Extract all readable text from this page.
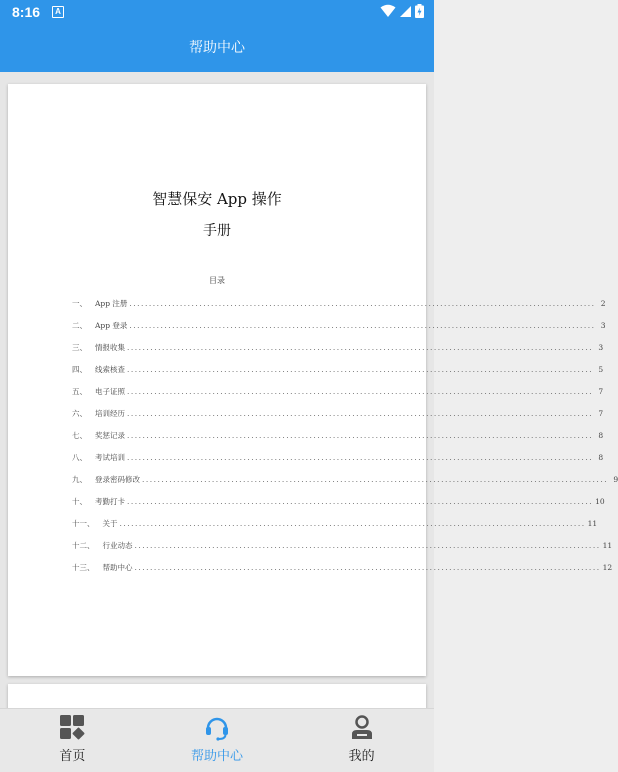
8:16	A
帮助中心
智慧保安 App 操作
手册
目录
一、 App 注册 ........................................................................................................................ 2
二、 App 登录 ........................................................................................................................ 3
三、 情报收集 ........................................................................................................................ 3
四、 线索核查 ........................................................................................................................ 5
五、 电子证照 ........................................................................................................................ 7
六、 培训经历 ........................................................................................................................ 7
七、 奖惩记录 ........................................................................................................................ 8
八、 考试培训 ........................................................................................................................ 8
九、 登录密码修改 ........................................................................................................................ 9
十、 考勤打卡 ........................................................................................................................ 10
十一、 关于 ........................................................................................................................ 11
十二、 行业动态 ........................................................................................................................ 11
十三、 帮助中心 ........................................................................................................................ 12
首页	帮助中心	我的
